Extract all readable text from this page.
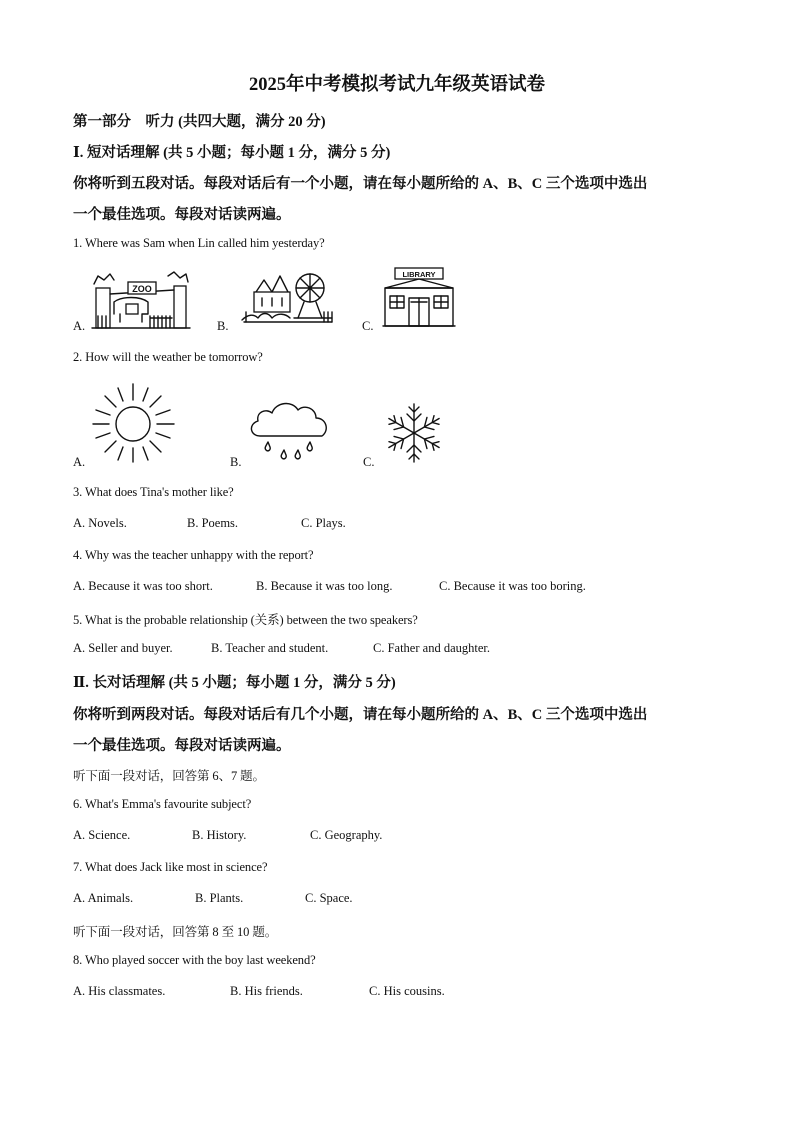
2025年中考模拟考试九年级英语试卷
第一部分　听力 (共四大题，满分 20 分)
Ⅰ. 短对话理解 (共 5 小题；每小题 1 分，满分 5 分)
你将听到五段对话。每段对话后有一个小题，请在每小题所给的 A、B、C 三个选项中选出
一个最佳选项。每段对话读两遍。
1. Where was Sam when Lin called him yesterday?
A.
ZOO
B.	C.
LIBRARY
2. How will the weather be tomorrow?
A.	B.	C.
3. What does Tina's mother like?
A. Novels.	B. Poems.	C. Plays.
4. Why was the teacher unhappy with the report?
A. Because it was too short.	B. Because it was too long.	C. Because it was too boring.
5. What is the probable relationship (关系) between the two speakers?
A. Seller and buyer.	B. Teacher and student.	C. Father and daughter.
Ⅱ. 长对话理解 (共 5 小题；每小题 1 分，满分 5 分)
你将听到两段对话。每段对话后有几个小题，请在每小题所给的 A、B、C 三个选项中选出
一个最佳选项。每段对话读两遍。
听下面一段对话，回答第 6、7 题。
6. What's Emma's favourite subject?
A. Science.	B. History.	C. Geography.
7. What does Jack like most in science?
A. Animals.	B. Plants.	C. Space.
听下面一段对话，回答第 8 至 10 题。
8. Who played soccer with the boy last weekend?
A. His classmates.	B. His friends.	C. His cousins.
